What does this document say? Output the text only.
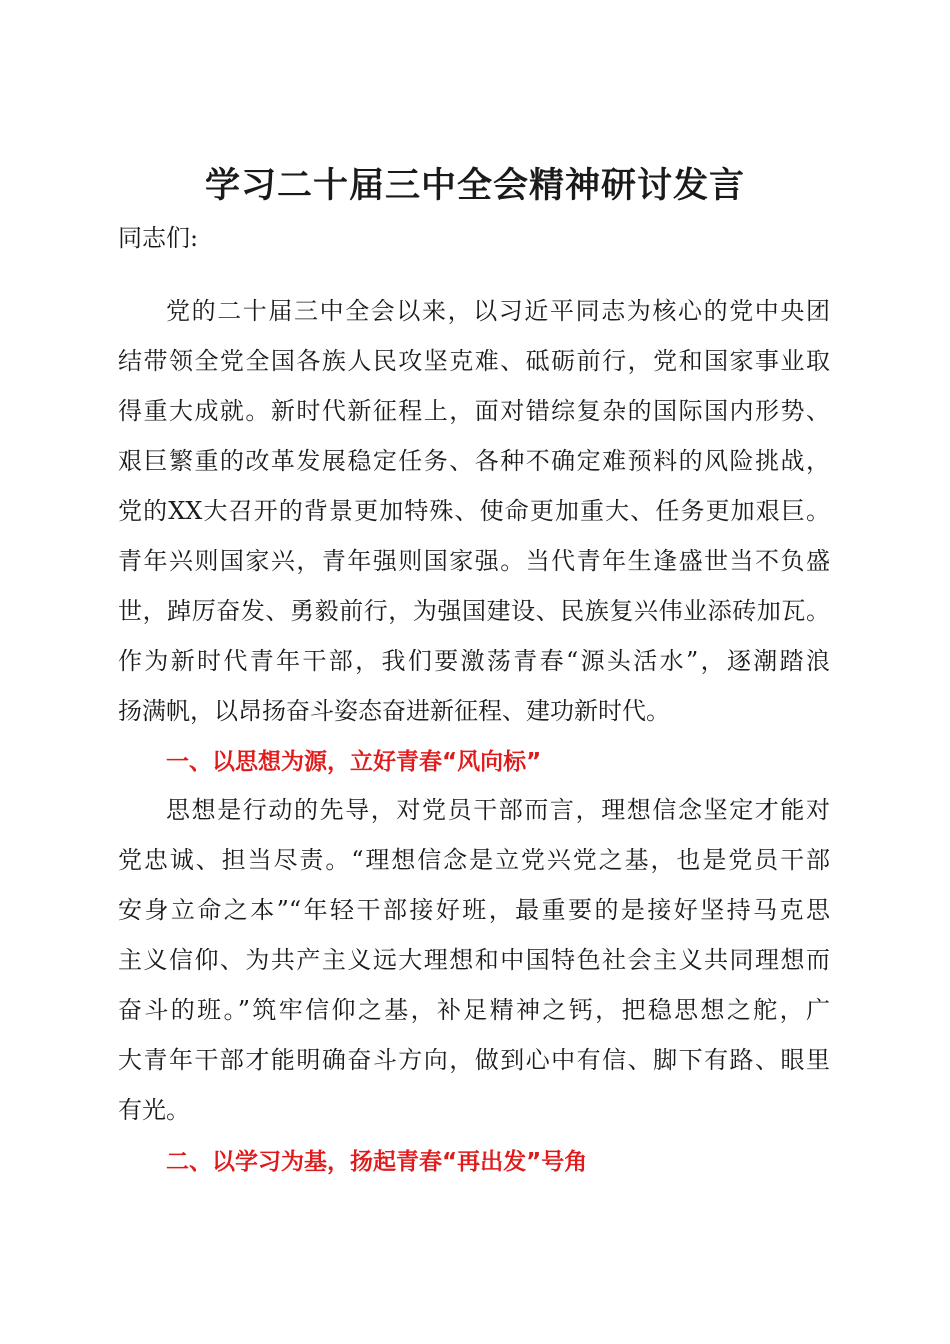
学习二十届三中全会精神研讨发言

同志们:

党的二十届三中全会以来，以习近平同志为核心的党中央团
结带领全党全国各族人民攻坚克难、砥砺前行，党和国家事业取
得重大成就。新时代新征程上，面对错综复杂的国际国内形势、
艰巨繁重的改革发展稳定任务、各种不确定难预料的风险挑战，
党的XX大召开的背景更加特殊、使命更加重大、任务更加艰巨。
青年兴则国家兴，青年强则国家强。当代青年生逢盛世当不负盛
世，踔厉奋发、勇毅前行，为强国建设、民族复兴伟业添砖加瓦。
作为新时代青年干部，我们要激荡青春“源头活水”，逐潮踏浪
扬满帆，以昂扬奋斗姿态奋进新征程、建功新时代。

一、以思想为源，立好青春“风向标”

思想是行动的先导，对党员干部而言，理想信念坚定才能对
党忠诚、担当尽责。“理想信念是立党兴党之基，也是党员干部
安身立命之本”“年轻干部接好班，最重要的是接好坚持马克思
主义信仰、为共产主义远大理想和中国特色社会主义共同理想而
奋斗的班。”筑牢信仰之基，补足精神之钙，把稳思想之舵，广
大青年干部才能明确奋斗方向，做到心中有信、脚下有路、眼里
有光。

二、以学习为基，扬起青春“再出发”号角
